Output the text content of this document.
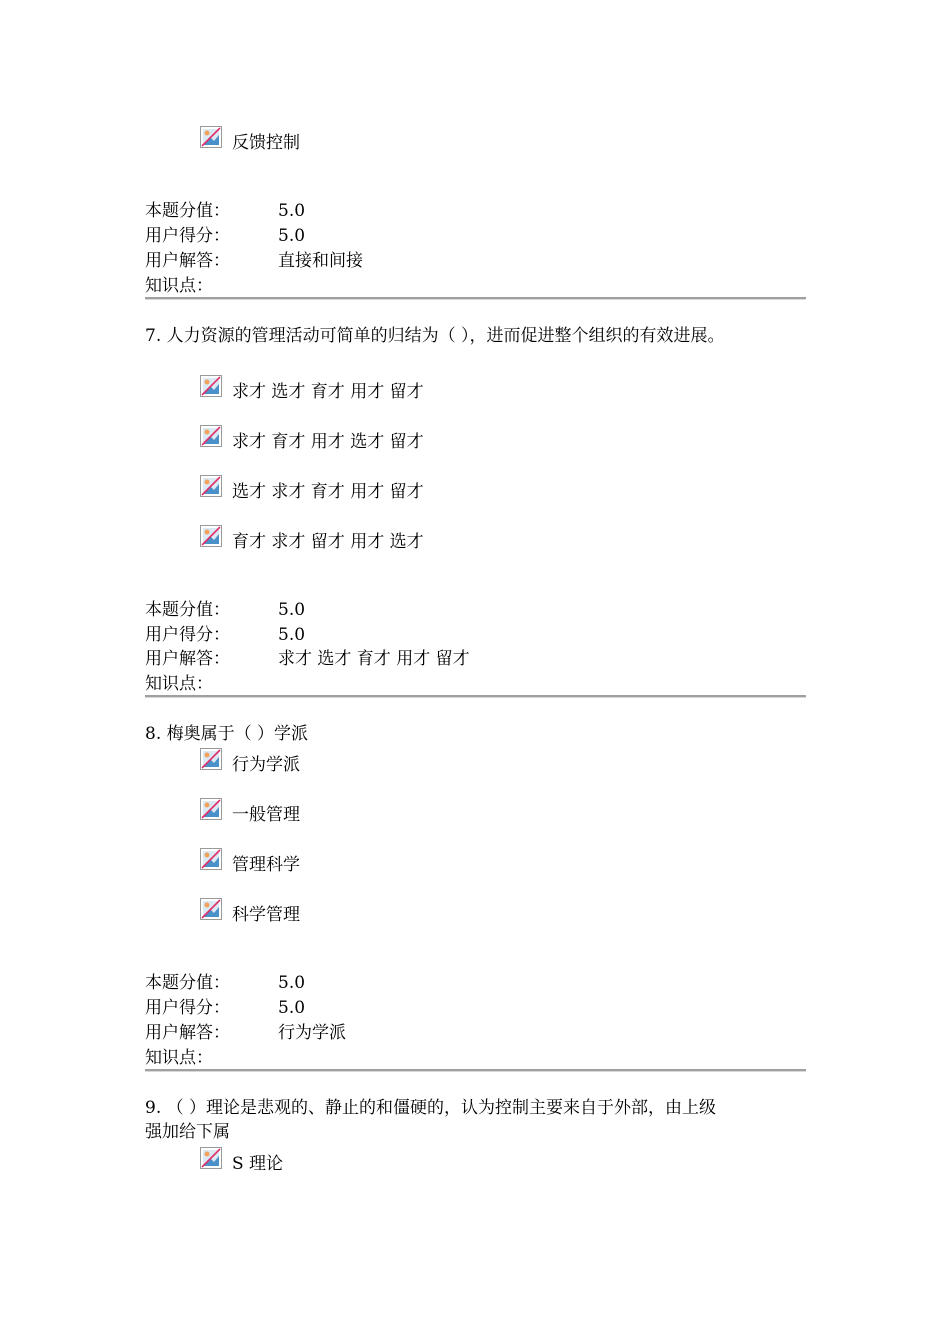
反馈控制
本题分值：	5.0
用户得分：	5.0
用户解答：	直接和间接
知识点：
7. 人力资源的管理活动可简单的归结为（ ），进而促进整个组织的有效进展。
求才 选才 育才 用才 留才
求才 育才 用才 选才 留才
选才 求才 育才 用才 留才
育才 求才 留才 用才 选才
本题分值：	5.0
用户得分：	5.0
用户解答：	求才 选才 育才 用才 留才
知识点：
8. 梅奥属于（ ）学派
行为学派
一般管理
管理科学
科学管理
本题分值：	5.0
用户得分：	5.0
用户解答：	行为学派
知识点：
9. （ ）理论是悲观的、静止的和僵硬的，认为控制主要来自于外部，由上级
强加给下属
S 理论
